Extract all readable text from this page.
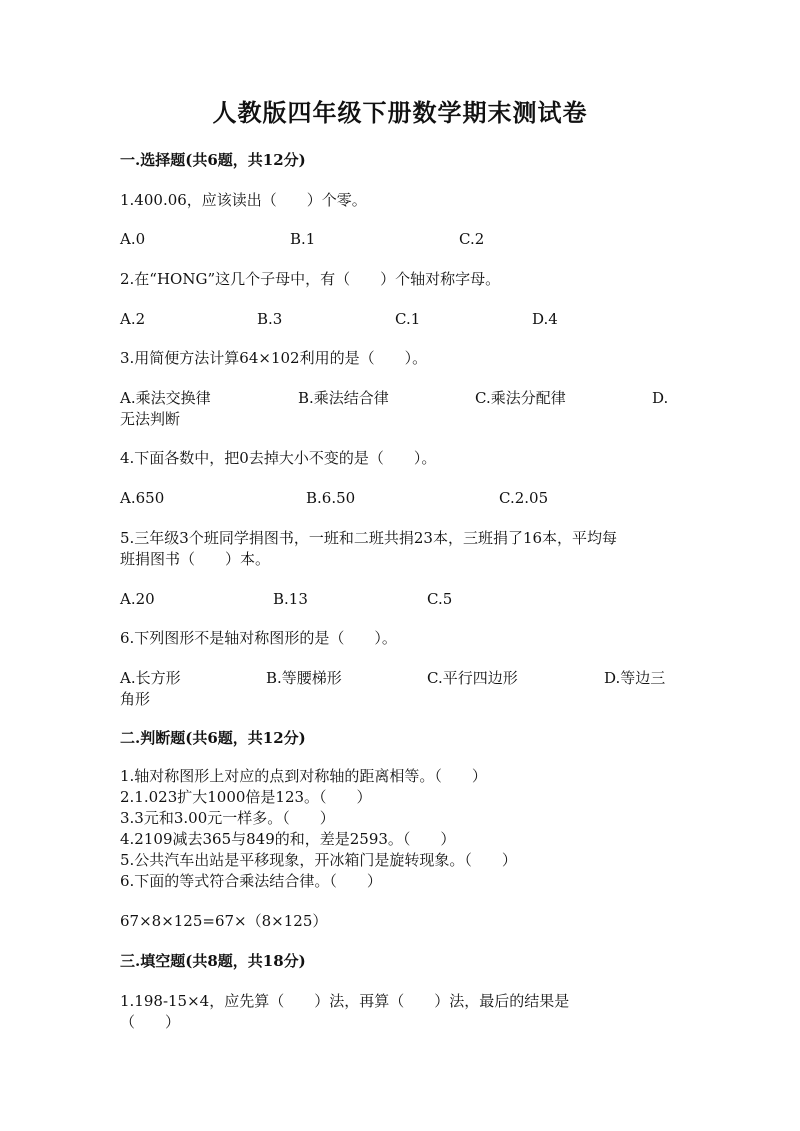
人教版四年级下册数学期末测试卷
一.选择题(共6题，共12分)
1.400.06，应该读出（　　）个零。
A.0	B.1	C.2
2.在“HONG”这几个子母中，有（　　）个轴对称字母。
A.2	B.3	C.1	D.4
3.用简便方法计算64×102利用的是（　　）。
A.乘法交换律	B.乘法结合律	C.乘法分配律	D.
无法判断
4.下面各数中，把0去掉大小不变的是（　　）。
A.650	B.6.50	C.2.05
5.三年级3个班同学捐图书，一班和二班共捐23本，三班捐了16本，平均每
班捐图书（　　）本。
A.20	B.13	C.5
6.下列图形不是轴对称图形的是（　　）。
A.长方形	B.等腰梯形	C.平行四边形	D.等边三
角形
二.判断题(共6题，共12分)
1.轴对称图形上对应的点到对称轴的距离相等。（　　）
2.1.023扩大1000倍是123。（　　）
3.3元和3.00元一样多。（　　）
4.2109减去365与849的和，差是2593。（　　）
5.公共汽车出站是平移现象，开冰箱门是旋转现象。（　　）
6.下面的等式符合乘法结合律。（　　）
67×8×125=67×（8×125）
三.填空题(共8题，共18分)
1.198-15×4，应先算（　　）法，再算（　　）法，最后的结果是
（　　）
